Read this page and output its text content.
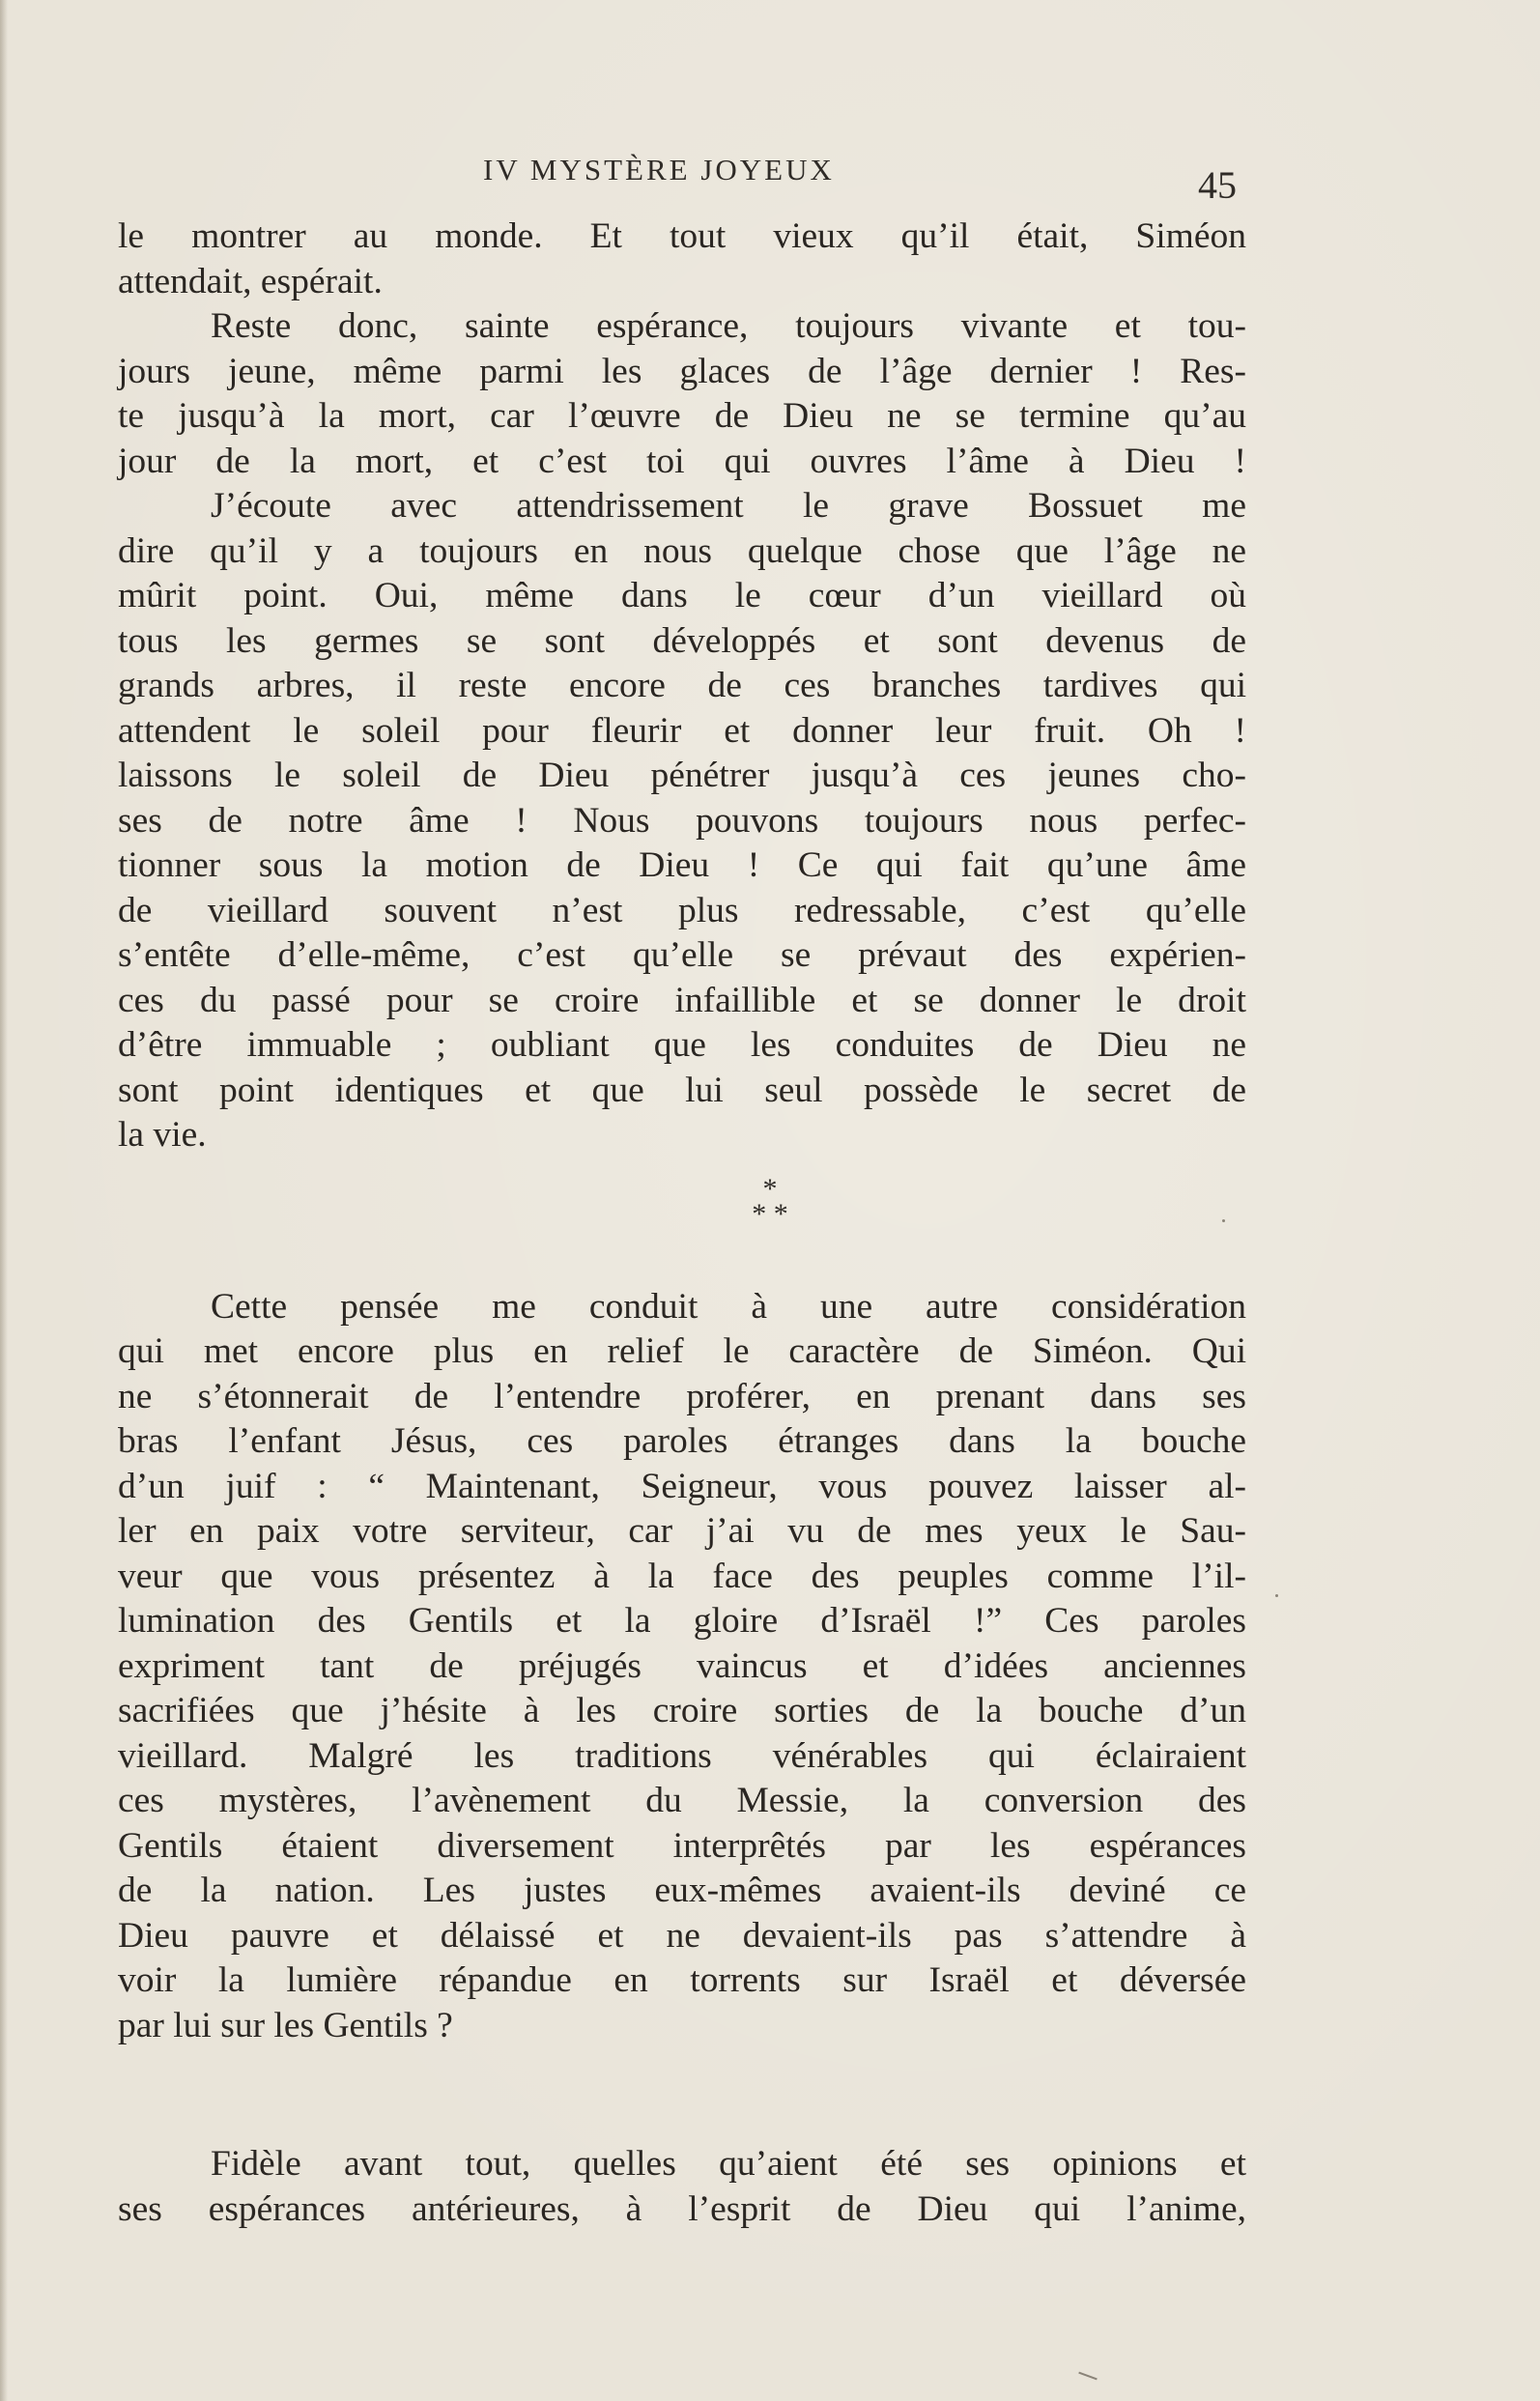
IV MYSTÈRE JOYEUX	45

le montrer au monde. Et tout vieux qu’il était, Siméon
attendait, espérait.

Reste donc, sainte espérance, toujours vivante et tou-
jours jeune, même parmi les glaces de l’âge dernier ! Res-
te jusqu’à la mort, car l’œuvre de Dieu ne se termine qu’au
jour de la mort, et c’est toi qui ouvres l’âme à Dieu !

J’écoute avec attendrissement le grave Bossuet me
dire qu’il y a toujours en nous quelque chose que l’âge ne
mûrit point. Oui, même dans le cœur d’un vieillard où
tous les germes se sont développés et sont devenus de
grands arbres, il reste encore de ces branches tardives qui
attendent le soleil pour fleurir et donner leur fruit. Oh !
laissons le soleil de Dieu pénétrer jusqu’à ces jeunes cho-
ses de notre âme ! Nous pouvons toujours nous perfec-
tionner sous la motion de Dieu ! Ce qui fait qu’une âme
de vieillard souvent n’est plus redressable, c’est qu’elle
s’entête d’elle-même, c’est qu’elle se prévaut des expérien-
ces du passé pour se croire infaillible et se donner le droit
d’être immuable ; oubliant que les conduites de Dieu ne
sont point identiques et que lui seul possède le secret de
la vie.

*
* *

Cette pensée me conduit à une autre considération
qui met encore plus en relief le caractère de Siméon. Qui
ne s’étonnerait de l’entendre proférer, en prenant dans ses
bras l’enfant Jésus, ces paroles étranges dans la bouche
d’un juif : “ Maintenant, Seigneur, vous pouvez laisser al-
ler en paix votre serviteur, car j’ai vu de mes yeux le Sau-
veur que vous présentez à la face des peuples comme l’il-
lumination des Gentils et la gloire d’Israël !” Ces paroles
expriment tant de préjugés vaincus et d’idées anciennes
sacrifiées que j’hésite à les croire sorties de la bouche d’un
vieillard. Malgré les traditions vénérables qui éclairaient
ces mystères, l’avènement du Messie, la conversion des
Gentils étaient diversement interprêtés par les espérances
de la nation. Les justes eux-mêmes avaient-ils deviné ce
Dieu pauvre et délaissé et ne devaient-ils pas s’attendre à
voir la lumière répandue en torrents sur Israël et déversée
par lui sur les Gentils ?

Fidèle avant tout, quelles qu’aient été ses opinions et
ses espérances antérieures, à l’esprit de Dieu qui l’anime,
